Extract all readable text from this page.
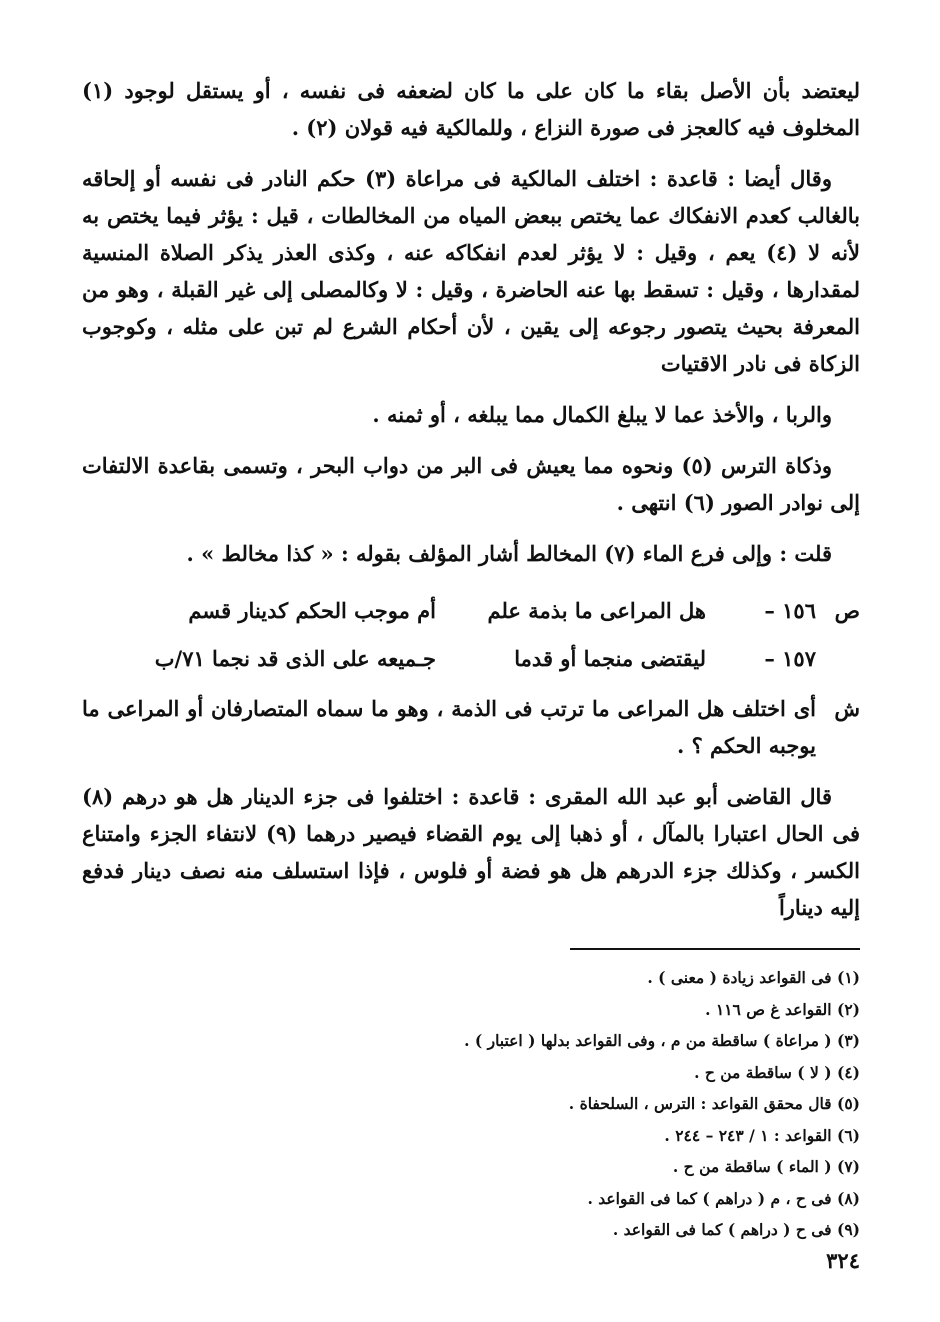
ليعتضد بأن الأصل بقاء ما كان على ما كان لضعفه فى نفسه ، أو يستقل لوجود (١) المخلوف فيه كالعجز فى صورة النزاع ، وللمالكية فيه قولان (٢) .

وقال أيضا : قاعدة : اختلف المالكية فى مراعاة (٣) حكم النادر فى نفسه أو إلحاقه بالغالب كعدم الانفكاك عما يختص ببعض المياه من المخالطات ، قيل : يؤثر فيما يختص به لأنه لا (٤) يعم ، وقيل : لا يؤثر لعدم انفكاكه عنه ، وكذى العذر يذكر الصلاة المنسية لمقدارها ، وقيل : تسقط بها عنه الحاضرة ، وقيل : لا وكالمصلى إلى غير القبلة ، وهو من المعرفة بحيث يتصور رجوعه إلى يقين ، لأن أحكام الشرع لم تبن على مثله ، وكوجوب الزكاة فى نادر الاقتيات

والربا ، والأخذ عما لا يبلغ الكمال مما يبلغه ، أو ثمنه .

وذكاة الترس (٥) ونحوه مما يعيش فى البر من دواب البحر ، وتسمى بقاعدة الالتفات إلى نوادر الصور (٦) انتهى .

قلت : وإلى فرع الماء (٧) المخالط أشار المؤلف بقوله : « كذا مخالط » .

ص
١٥٦ –
هل المراعى ما بذمة علم
أم موجب الحكم كدينار قسم
١٥٧ –
ليقتضى منجما أو قدما
جـميعه على الذى قد نجما ٧١/ب
ش
أى اختلف هل المراعى ما ترتب فى الذمة ، وهو ما سماه المتصارفان أو المراعى ما يوجبه الحكم ؟ .

قال القاضى أبو عبد الله المقرى : قاعدة : اختلفوا فى جزء الدينار هل هو درهم (٨) فى الحال اعتبارا بالمآل ، أو ذهبا إلى يوم القضاء فيصير درهما (٩) لانتفاء الجزء وامتناع الكسر ، وكذلك جزء الدرهم هل هو فضة أو فلوس ، فإذا استسلف منه نصف دينار فدفع إليه ديناراً

(١) فى القواعد زيادة ( معنى ) .

(٢) القواعد غ ص ١١٦ .

(٣) ( مراعاة ) ساقطة من م ، وفى القواعد بدلها ( اعتبار ) .

(٤) ( لا ) ساقطة من ح .

(٥) قال محقق القواعد : الترس ، السلحفاة .

(٦) القواعد : ١ / ٢٤٣ – ٢٤٤ .

(٧) ( الماء ) ساقطة من ح .

(٨) فى ح ، م ( دراهم ) كما فى القواعد .

(٩) فى ح ( دراهم ) كما فى القواعد .

٣٢٤
